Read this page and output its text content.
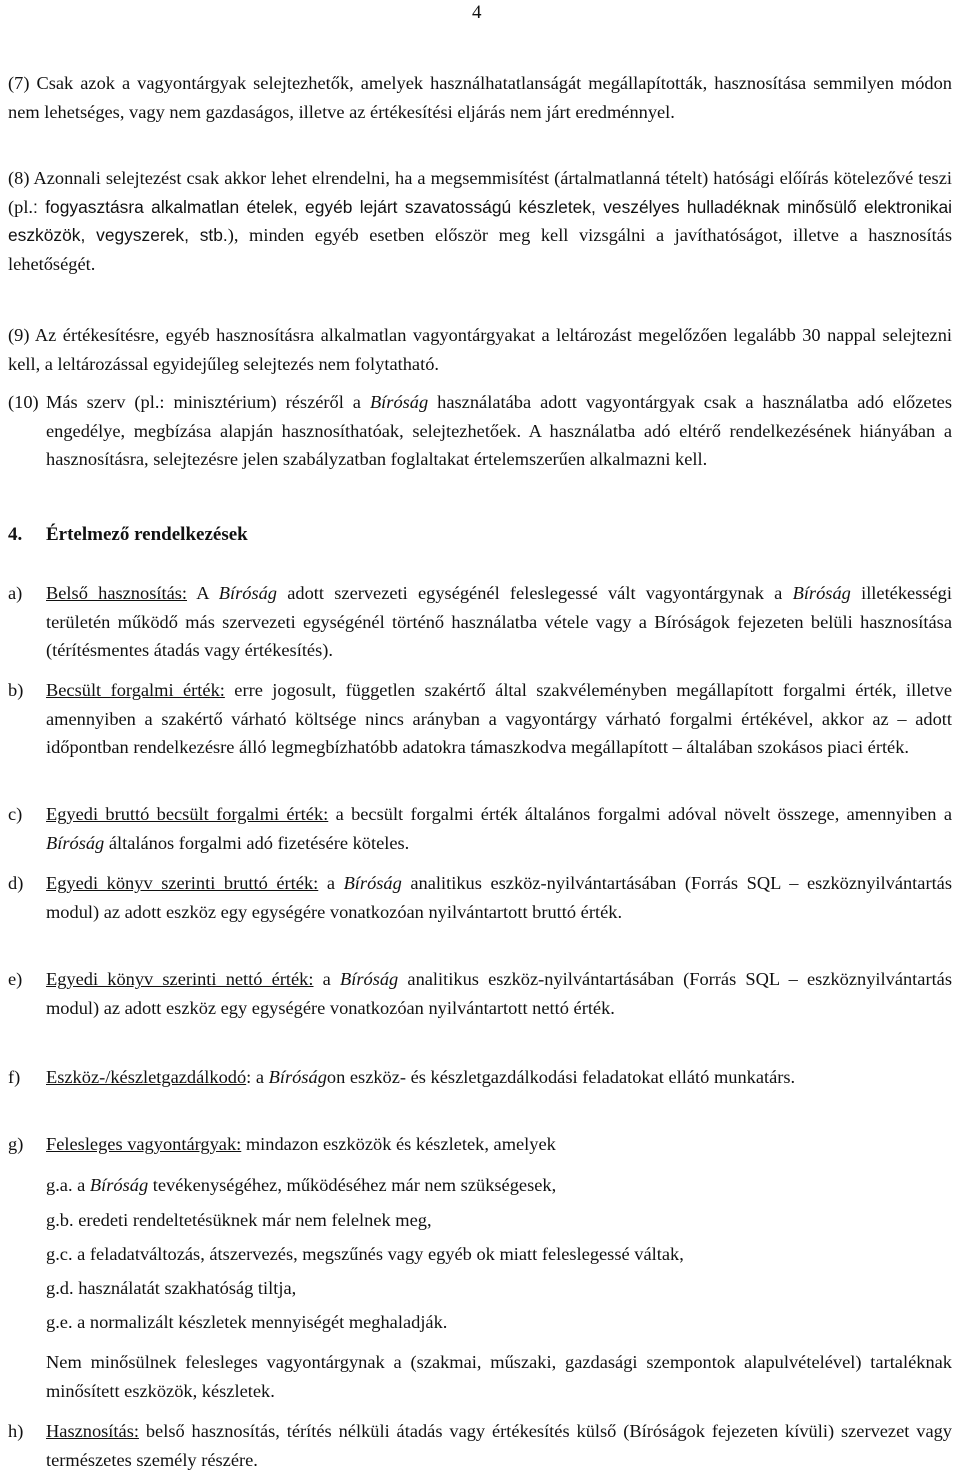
4

(7) Csak azok a vagyontárgyak selejtezhetők, amelyek használhatatlanságát megállapították, hasznosítása semmilyen módon nem lehetséges, vagy nem gazdaságos, illetve az értékesítési eljárás nem járt eredménnyel.

(8) Azonnali selejtezést csak akkor lehet elrendelni, ha a megsemmisítést (ártalmatlanná tételt) hatósági előírás kötelezővé teszi (pl.: fogyasztásra alkalmatlan ételek, egyéb lejárt szavatosságú készletek, veszélyes hulladéknak minősülő elektronikai eszközök, vegyszerek, stb.), minden egyéb esetben először meg kell vizsgálni a javíthatóságot, illetve a hasznosítás lehetőségét.

(9) Az értékesítésre, egyéb hasznosításra alkalmatlan vagyontárgyakat a leltározást megelőzően legalább 30 nappal selejtezni kell, a leltározással egyidejűleg selejtezés nem folytatható.

(10) Más szerv (pl.: minisztérium) részéről a Bíróság használatába adott vagyontárgyak csak a használatba adó előzetes engedélye, megbízása alapján hasznosíthatóak, selejtezhetőek. A használatba adó eltérő rendelkezésének hiányában a hasznosításra, selejtezésre jelen szabályzatban foglaltakat értelemszerűen alkalmazni kell.

4. Értelmező rendelkezések
a) Belső hasznosítás: A Bíróság adott szervezeti egységénél feleslegessé vált vagyontárgynak a Bíróság illetékességi területén működő más szervezeti egységénél történő használatba vétele vagy a Bíróságok fejezeten belüli hasznosítása (térítésmentes átadás vagy értékesítés).

b) Becsült forgalmi érték: erre jogosult, független szakértő által szakvéleményben megállapított forgalmi érték, illetve amennyiben a szakértő várható költsége nincs arányban a vagyontárgy várható forgalmi értékével, akkor az – adott időpontban rendelkezésre álló legmegbízhatóbb adatokra támaszkodva megállapított – általában szokásos piaci érték.

c) Egyedi bruttó becsült forgalmi érték: a becsült forgalmi érték általános forgalmi adóval növelt összege, amennyiben a Bíróság általános forgalmi adó fizetésére köteles.

d) Egyedi könyv szerinti bruttó érték: a Bíróság analitikus eszköz-nyilvántartásában (Forrás SQL – eszköznyilvántartás modul) az adott eszköz egy egységére vonatkozóan nyilvántartott bruttó érték.

e) Egyedi könyv szerinti nettó érték: a Bíróság analitikus eszköz-nyilvántartásában (Forrás SQL – eszköznyilvántartás modul) az adott eszköz egy egységére vonatkozóan nyilvántartott nettó érték.

f) Eszköz-/készletgazdálkodó: a Bíróságon eszköz- és készletgazdálkodási feladatokat ellátó munkatárs.

g) Felesleges vagyontárgyak: mindazon eszközök és készletek, amelyek

g.a. a Bíróság tevékenységéhez, működéséhez már nem szükségesek,
g.b. eredeti rendeltetésüknek már nem felelnek meg,
g.c. a feladatváltozás, átszervezés, megszűnés vagy egyéb ok miatt feleslegessé váltak,
g.d. használatát szakhatóság tiltja,
g.e. a normalizált készletek mennyiségét meghaladják.

Nem minősülnek felesleges vagyontárgynak a (szakmai, műszaki, gazdasági szempontok alapulvételével) tartaléknak minősített eszközök, készletek.

h) Hasznosítás: belső hasznosítás, térítés nélküli átadás vagy értékesítés külső (Bíróságok fejezeten kívüli) szervezet vagy természetes személy részére.
